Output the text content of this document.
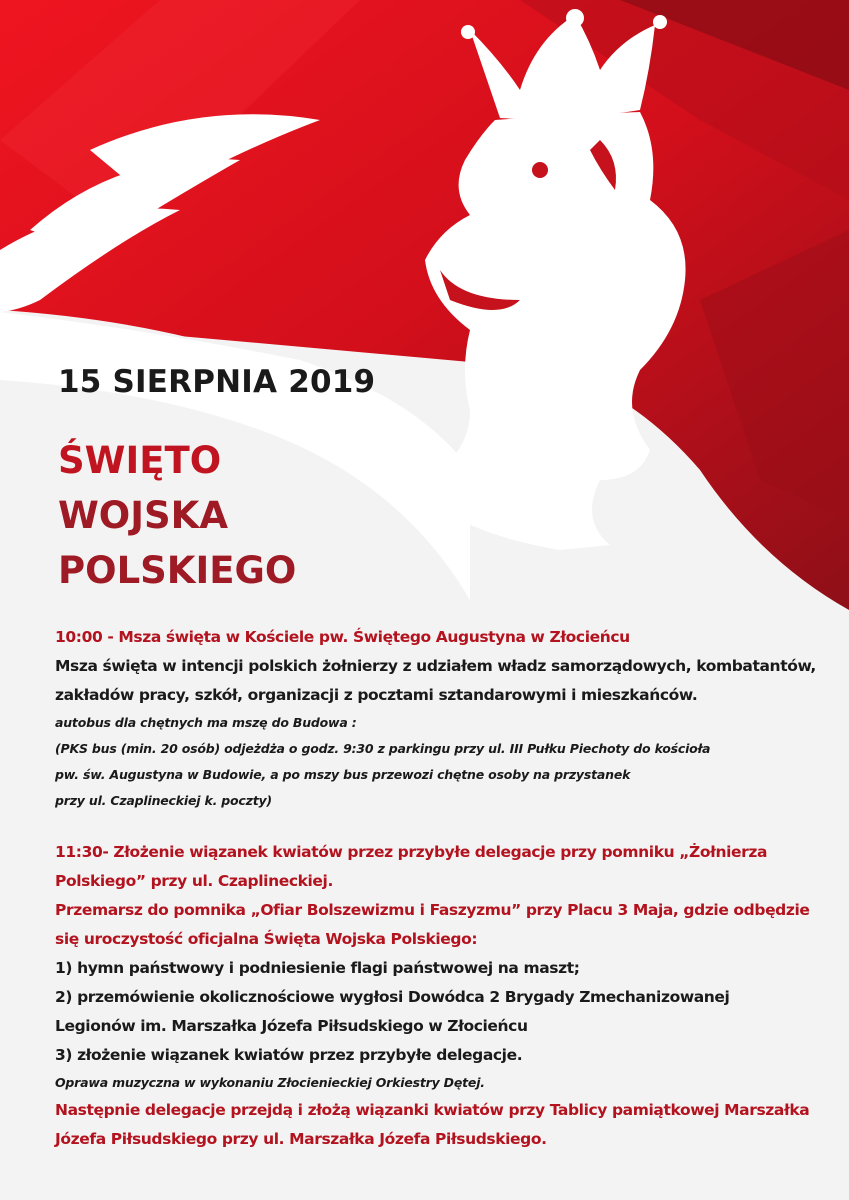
15 SIERPNIA 2019
ŚWIĘTO
WOJSKA
POLSKIEGO

10:00 - Msza święta w Kościele pw. Świętego Augustyna w Złocieńcu

Msza święta w intencji polskich żołnierzy z udziałem władz samorządowych, kombatantów,

zakładów pracy, szkół, organizacji z pocztami sztandarowymi i mieszkańców.

autobus dla chętnych ma mszę do Budowa :

(PKS bus (min. 20 osób) odjeżdża o godz. 9:30 z parkingu przy ul. III Pułku Piechoty do kościoła

pw. św. Augustyna w Budowie, a po mszy bus przewozi chętne osoby na przystanek

przy ul. Czaplineckiej k. poczty)

11:30- Złożenie wiązanek kwiatów przez przybyłe delegacje przy pomniku „Żołnierza

Polskiego” przy ul. Czaplineckiej.

Przemarsz do pomnika „Ofiar Bolszewizmu i Faszyzmu” przy Placu 3 Maja, gdzie odbędzie

się uroczystość oficjalna Święta Wojska Polskiego:

1) hymn państwowy i podniesienie flagi państwowej na maszt;

2) przemówienie okolicznościowe wygłosi Dowódca 2 Brygady Zmechanizowanej

Legionów im. Marszałka Józefa Piłsudskiego w Złocieńcu

3) złożenie wiązanek kwiatów przez przybyłe delegacje.

Oprawa muzyczna w wykonaniu Złocienieckiej Orkiestry Dętej.

Następnie delegacje przejdą i złożą wiązanki kwiatów przy Tablicy pamiątkowej Marszałka

Józefa Piłsudskiego przy ul. Marszałka Józefa Piłsudskiego.
